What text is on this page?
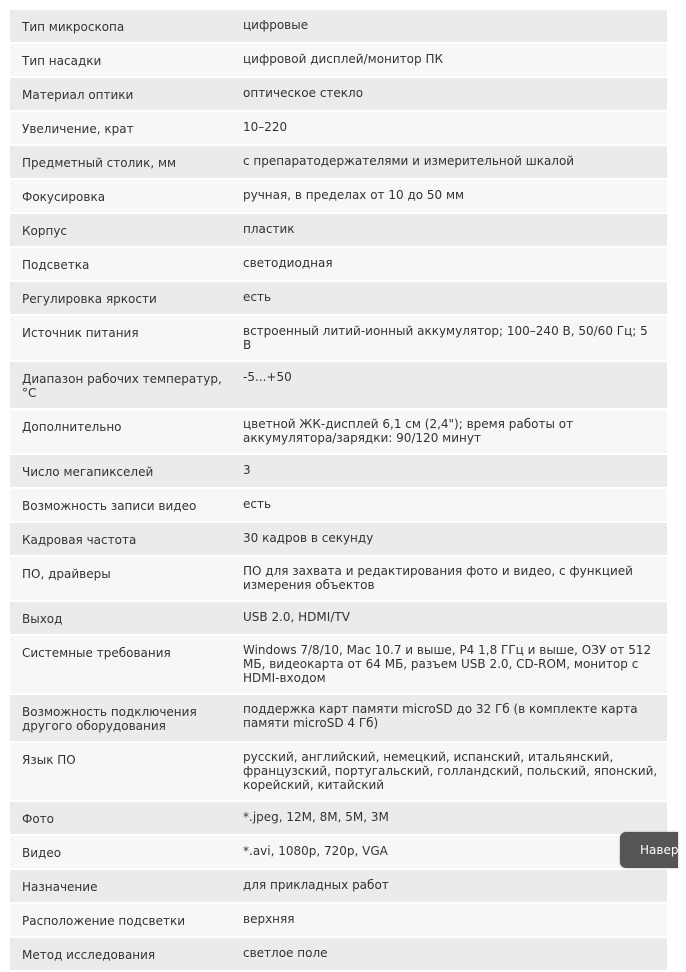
Тип микроскопа	цифровые

Тип насадки	цифровой дисплей/монитор ПК

Материал оптики	оптическое стекло

Увеличение, крат	10–220

Предметный столик, мм	с препаратодержателями и измерительной шкалой

Фокусировка	ручная, в пределах от 10 до 50 мм

Корпус	пластик

Подсветка	светодиодная

Регулировка яркости	есть

Источник питания	встроенный литий-ионный аккумулятор; 100–240 В, 50/60 Гц; 5 В

Диапазон рабочих температур, °С	-5...+50

Дополнительно	цветной ЖК-дисплей 6,1 см (2,4"); время работы от аккумулятора/зарядки: 90/120 минут

Число мегапикселей	3

Возможность записи видео	есть

Кадровая частота	30 кадров в секунду

ПО, драйверы	ПО для захвата и редактирования фото и видео, с функцией измерения объектов

Выход	USB 2.0, HDMI/TV

Системные требования	Windows 7/8/10, Mac 10.7 и выше, P4 1,8 ГГц и выше, ОЗУ от 512 МБ, видеокарта от 64 МБ, разъем USB 2.0, CD-ROM, монитор с HDMI-входом

Возможность подключения другого оборудования	поддержка карт памяти microSD до 32 Гб (в комплекте карта памяти microSD 4 Гб)

Язык ПО	русский, английский, немецкий, испанский, итальянский, французский, португальский, голландский, польский, японский, корейский, китайский

Фото	*.jpeg, 12M, 8M, 5M, 3M

Видео	*.avi, 1080p, 720p, VGA

Назначение	для прикладных работ

Расположение подсветки	верхняя

Метод исследования	светлое поле
Наверх
